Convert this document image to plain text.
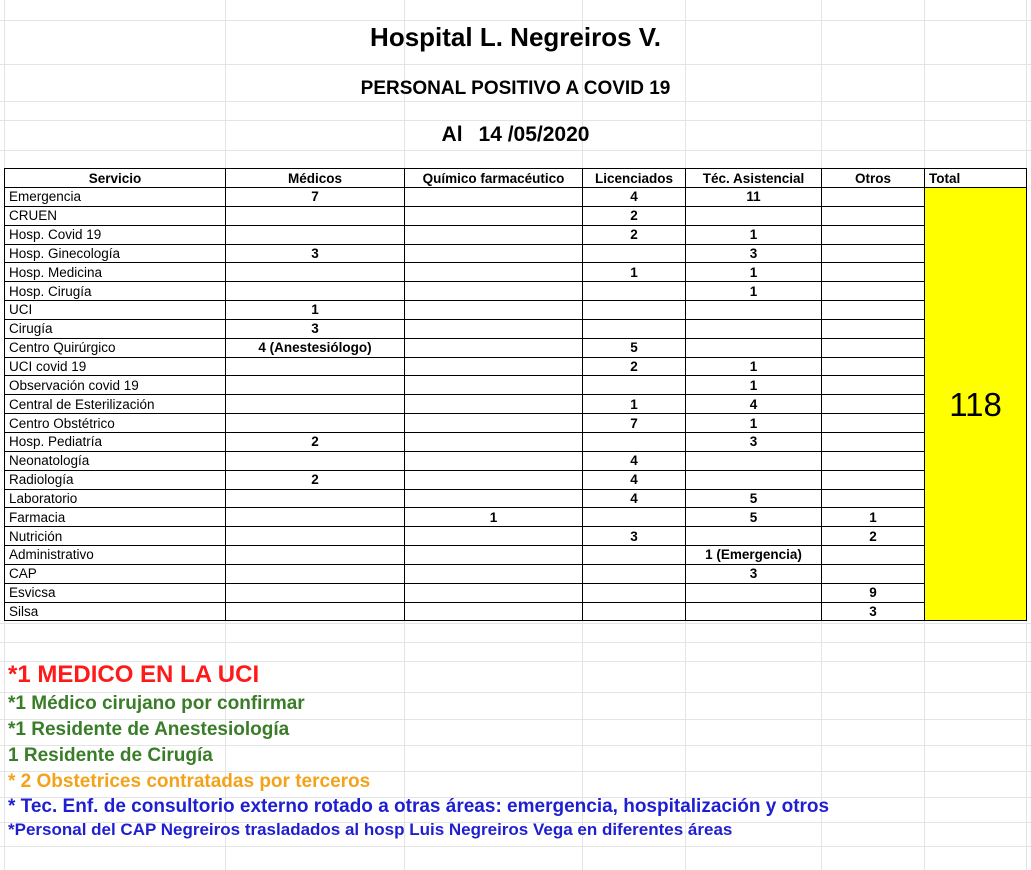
Hospital L. Negreiros V.
PERSONAL POSITIVO A COVID 19
Al 14 /05/2020
Servicio	Médicos	Químico farmacéutico	Licenciados	Téc. Asistencial	Otros	Total
Emergencia	7		4	11		118
CRUEN			2			
Hosp. Covid 19			2	1		
Hosp. Ginecología	3			3		
Hosp. Medicina			1	1		
Hosp. Cirugía				1		
UCI	1					
Cirugía	3					
Centro Quirúrgico	4 (Anestesiólogo)		5			
UCI covid 19			2	1		
Observación covid 19				1		
Central de Esterilización			1	4		
Centro Obstétrico			7	1		
Hosp. Pediatría	2			3		
Neonatología			4			
Radiología	2		4			
Laboratorio			4	5		
Farmacia		1		5	1	
Nutrición			3		2	
Administrativo				1 (Emergencia)		
CAP				3		
Esvicsa					9	
Silsa					3	
*1 MEDICO EN LA UCI
*1 Médico cirujano por confirmar
*1 Residente de Anestesiología
1 Residente de Cirugía
* 2 Obstetrices contratadas por terceros
* Tec. Enf. de consultorio externo rotado a otras áreas: emergencia, hospitalización y otros
*Personal del CAP Negreiros trasladados al hosp Luis Negreiros Vega en diferentes áreas
